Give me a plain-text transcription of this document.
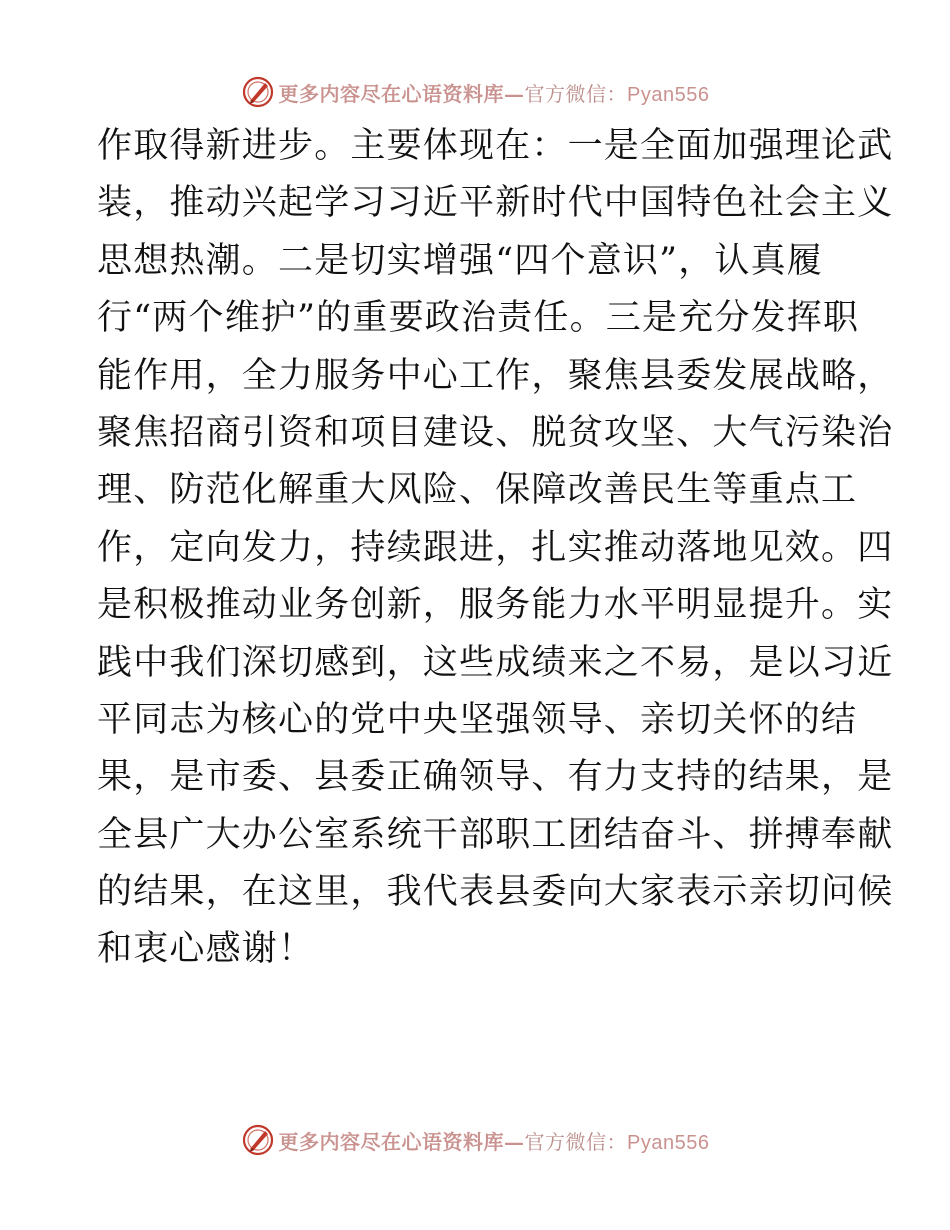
更多内容尽在心语资料库—官方微信：Pyan556
作取得新进步。主要体现在：一是全面加强理论武
装，推动兴起学习习近平新时代中国特色社会主义
思想热潮。二是切实增强“四个意识”，认真履
行“两个维护”的重要政治责任。三是充分发挥职
能作用，全力服务中心工作，聚焦县委发展战略，
聚焦招商引资和项目建设、脱贫攻坚、大气污染治
理、防范化解重大风险、保障改善民生等重点工
作，定向发力，持续跟进，扎实推动落地见效。四
是积极推动业务创新，服务能力水平明显提升。实
践中我们深切感到，这些成绩来之不易，是以习近
平同志为核心的党中央坚强领导、亲切关怀的结
果，是市委、县委正确领导、有力支持的结果，是
全县广大办公室系统干部职工团结奋斗、拼搏奉献
的结果，在这里，我代表县委向大家表示亲切问候
和衷心感谢！
更多内容尽在心语资料库—官方微信：Pyan556
